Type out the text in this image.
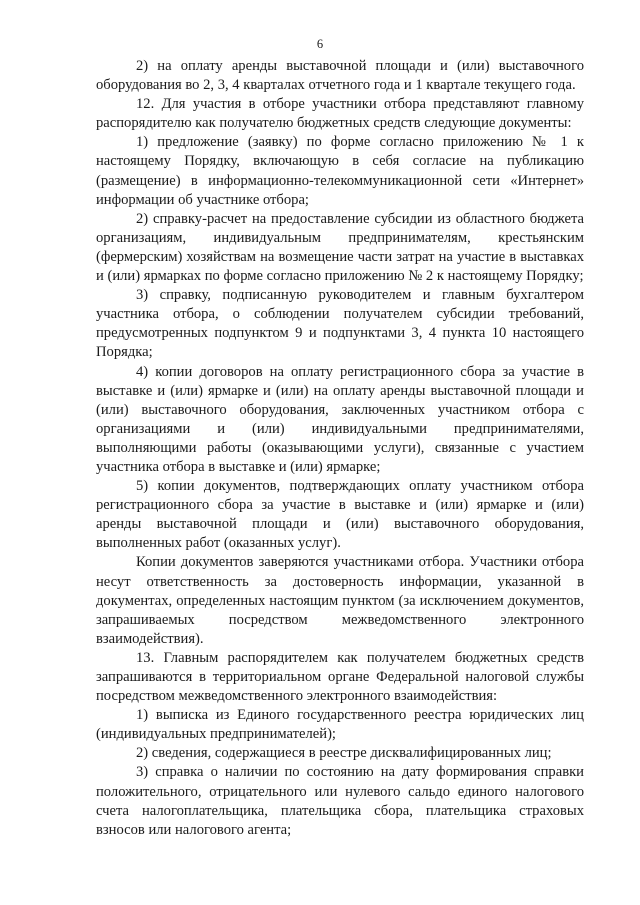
6

2) на оплату аренды выставочной площади и (или) выставочного оборудования во 2, 3, 4 кварталах отчетного года и 1 квартале текущего года.

12. Для участия в отборе участники отбора представляют главному распорядителю как получателю бюджетных средств следующие документы:

1) предложение (заявку) по форме согласно приложению № 1 к настоящему Порядку, включающую в себя согласие на публикацию (размещение) в информационно-телекоммуникационной сети «Интернет» информации об участнике отбора;

2) справку-расчет на предоставление субсидии из областного бюджета организациям, индивидуальным предпринимателям, крестьянским (фермерским) хозяйствам на возмещение части затрат на участие в выставках и (или) ярмарках по форме согласно приложению № 2 к настоящему Порядку;

3) справку, подписанную руководителем и главным бухгалтером участника отбора, о соблюдении получателем субсидии требований, предусмотренных подпунктом 9 и подпунктами 3, 4 пункта 10 настоящего Порядка;

4) копии договоров на оплату регистрационного сбора за участие в выставке и (или) ярмарке и (или) на оплату аренды выставочной площади и (или) выставочного оборудования, заключенных участником отбора с организациями и (или) индивидуальными предпринимателями, выполняющими работы (оказывающими услуги), связанные с участием участника отбора в выставке и (или) ярмарке;

5) копии документов, подтверждающих оплату участником отбора регистрационного сбора за участие в выставке и (или) ярмарке и (или) аренды выставочной площади и (или) выставочного оборудования, выполненных работ (оказанных услуг).

Копии документов заверяются участниками отбора. Участники отбора несут ответственность за достоверность информации, указанной в документах, определенных настоящим пунктом (за исключением документов, запрашиваемых посредством межведомственного электронного взаимодействия).

13. Главным распорядителем как получателем бюджетных средств запрашиваются в территориальном органе Федеральной налоговой службы посредством межведомственного электронного взаимодействия:

1) выписка из Единого государственного реестра юридических лиц (индивидуальных предпринимателей);

2) сведения, содержащиеся в реестре дисквалифицированных лиц;

3) справка о наличии по состоянию на дату формирования справки положительного, отрицательного или нулевого сальдо единого налогового счета налогоплательщика, плательщика сбора, плательщика страховых взносов или налогового агента;
